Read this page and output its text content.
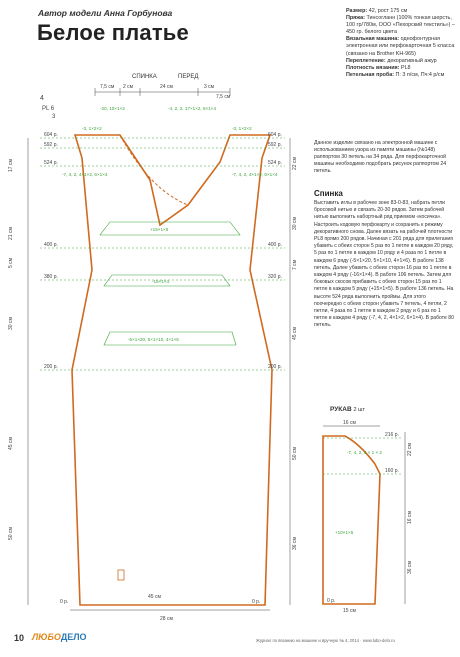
Автор модели Анна Горбунова
Белое платье
Размер: 42, рост 175 см
Пряжа: Тинсогланн (100% тонкая шерсть, 100 гр/780м, ООО «Пехорский текстиль») – 450 гр. белого цвета
Вязальная машина: однофонтурная электронная или перфокарточная 5 класса (связано на Brother KH-965)
Переплетение: декоративный ажур
Плотность вязания: PL8
Петельная проба: П: 3 п/см, Пч:4 р/см
Данное изделие связано на электронной машине с использованием узора из памяти машины (№148) раппортом 30 петель на 34 ряда. Для перфокарточной машины необходимо подобрать рисунок раппортом 24 петель.
Спинка
Выставить иглы в рабочее зоне 83-0-83, набрать петли бросовой нитью и связать 20-30 рядов. Затем рабочей нитью выполнить набортный ряд приемом «косичка». Настроить кодовую перфокарту и сохранить к режиму декоративного снова. Далее вязать на рабочей плотности PL8 прямо 200 рядов. Начиная с 201 ряда для прилегания убавить с обеих сторон 5 раз по 1 петле в каждом 20 ряду, 5 раз по 1 петле в каждом 10 ряду и 4 раза по 1 петле в каждом 6 ряду (-5×1×20, 5×1×10, 4×1×6). В работе 138 петель. Далее убавить с обеих сторон 16 раз по 1 петле в каждом 4 ряду (-16×1×4). В работе 106 петель. Затем для боковых скосов прибавить с обеих сторон 15 раз по 1 петле в каждом 5 ряду (+15×1×5). В работе 136 петель. На высоте 524 ряда выполнить проймы. Для этого поочередно с обеих сторон убавить 7 петель, 4 петли, 2 петли, 4 раза по 1 петле в каждом 2 ряду и 6 раз по 1 петле в каждом 4 ряду (-7, 4, 2, 4×1×2, 6×1×4). В работе 80 петель.
СПИНКА	ПЕРЕД
7,5 см 2 см	24 см	3 см
7,5 см
4
PL 6
3
604 р.
592 р.
524 р.
400 р.
380 р.
200 р.
0 р.
604 р.
592 р.
524 р.
400 р.
320 р.
200 р.
0 р.
17 см
21 см
5 см
30 см
45 см
50 см
22 см
30 см
7 см
45 см
50 см
36 см
-20, 10×1×2
-3, 1×2×2
-4, 2, 2, 17×1×2, 6×1×4
-3, 1×2×2
-7, 4, 2, 4×1×2, 6×1×4	-7, 4, 2, 4×1×2, 6×1×4
+15×1×5
-16×1×4
-5×1×20, 5×1×10, 4×1×6
28 см
45 см
РУКАВ 2 шт
16 см
216 р.
160 р.
0 р.
22 см
16 см
36 см
15 см
-7, 4, 2, 5 × 1 × 2
+10×1×5
10 ЛЮБОДЕЛО	Журнал по вязанию на машине и вручную № 4, 2014 · www.lubo-delo.ru
